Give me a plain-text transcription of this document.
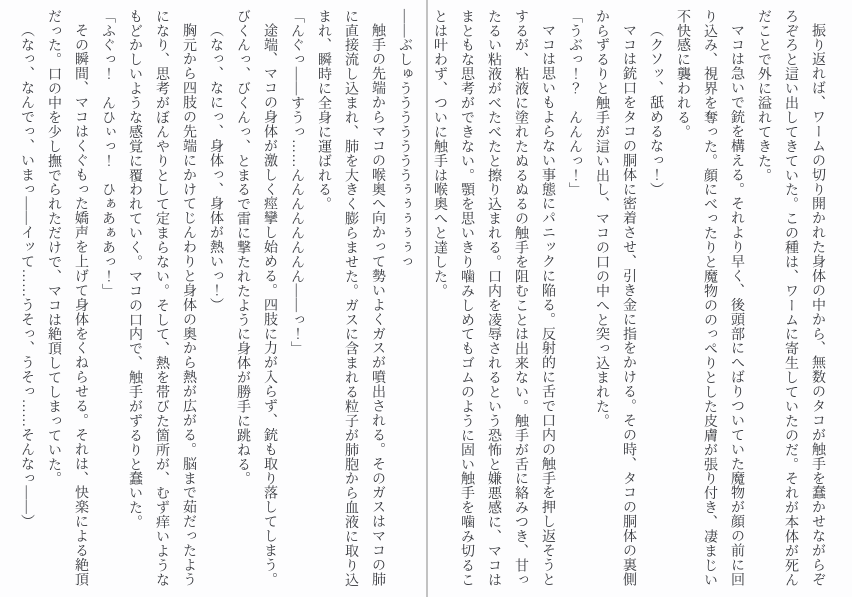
振り返れば、ワームの切り開かれた身体の中から、無数のタコが触手を蠢かせながらぞろぞろと這い出してきていた。この種は、ワームに寄生していたのだ。それが本体が死んだことで外に溢れてきた。

マコは急いで銃を構える。それより早く、後頭部にへばりついていた魔物が顔の前に回り込み、視界を奪った。顔にべったりと魔物ののっぺりとした皮膚が張り付き、凄まじい不快感に襲われる。

（クソッ、舐めるなっ！）

マコは銃口をタコの胴体に密着させ、引き金に指をかける。その時、タコの胴体の裏側からずるりと触手が這い出し、マコの口の中へと突っ込まれた。

「うぶっ！？　んんんっ！」

マコは思いもよらない事態にパニックに陥る。反射的に舌で口内の触手を押し返そうとするが、粘液に塗れたぬるぬるの触手を阻むことは出来ない。触手が舌に絡みつき、甘ったるい粘液がべたべたと擦り込まれる。口内を凌辱されるという恐怖と嫌悪感に、マコはまともな思考ができない。顎を思いきり噛みしめてもゴムのように固い触手を噛み切ることは叶わず、ついに触手は喉奥へと達した。

――ぶしゅうううううううぅぅぅぅぅっ

触手の先端からマコの喉奥へ向かって勢いよくガスが噴出される。そのガスはマコの肺に直接流し込まれ、肺を大きく膨らませた。ガスに含まれる粒子が肺胞から血液に取り込まれ、瞬時に全身に運ばれる。

「んぐっ――すうっ……んんんんんんんん――っ！」

途端、マコの身体が激しく痙攣し始める。四肢に力が入らず、銃も取り落してしまう。びくんっ、びくんっ、とまるで雷に撃たれたように身体が勝手に跳ねる。

（なっ、なにっ、身体っ、身体が熱いっ！）

胸元から四肢の先端にかけてじんわりと身体の奥から熱が広がる。脳まで茹だったようになり、思考がぼんやりとして定まらない。そして、熱を帯びた箇所が、むず痒いようなもどかしいような感覚に覆われていく。マコの口内で、触手がずるりと蠢いた。

「ふぐっ！　んひぃっ！　ひぁあぁあっ！」

その瞬間、マコはくぐもった嬌声を上げて身体をくねらせる。それは、快楽による絶頂だった。口の中を少し撫でられただけで、マコは絶頂してしまっていた。

（なっ、なんでっ、いまっ――イッて……うそっ、うそっ……そんなっ――）
